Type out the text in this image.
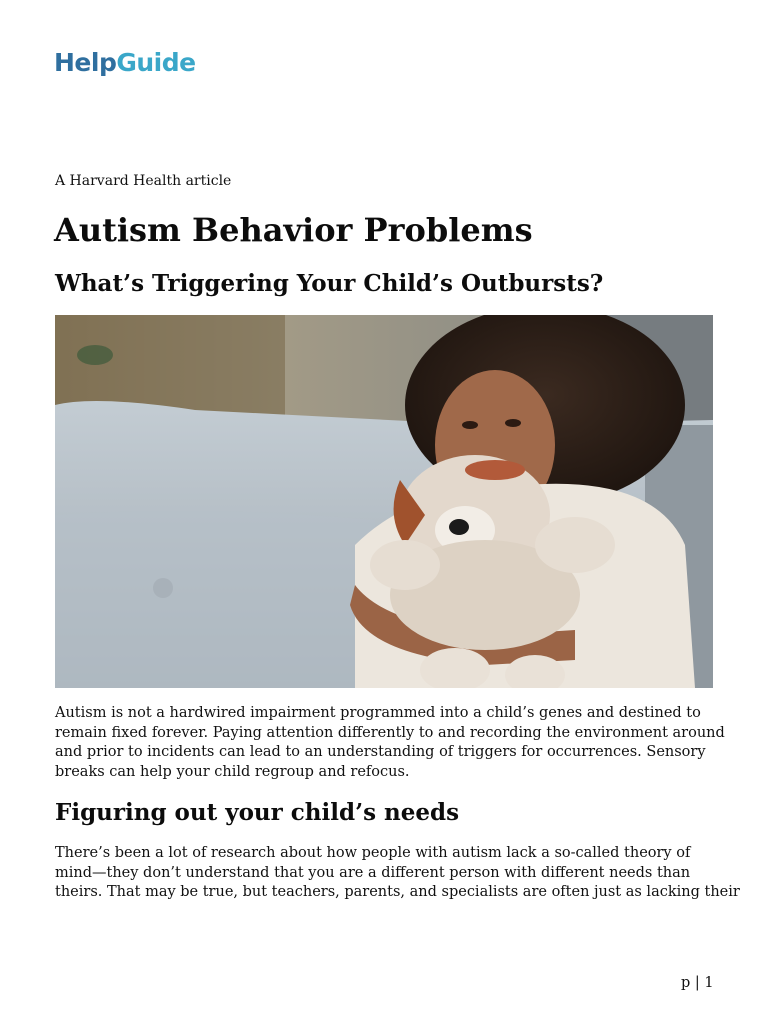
HelpGuide
A Harvard Health article
Autism Behavior Problems
What’s Triggering Your Child’s Outbursts?
Autism is not a hardwired impairment programmed into a child’s genes and destined to
remain fixed forever. Paying attention differently to and recording the environment around
and prior to incidents can lead to an understanding of triggers for occurrences. Sensory
breaks can help your child regroup and refocus.
Figuring out your child’s needs
There’s been a lot of research about how people with autism lack a so-called theory of
mind—they don’t understand that you are a different person with different needs than
theirs. That may be true, but teachers, parents, and specialists are often just as lacking their
p | 1
